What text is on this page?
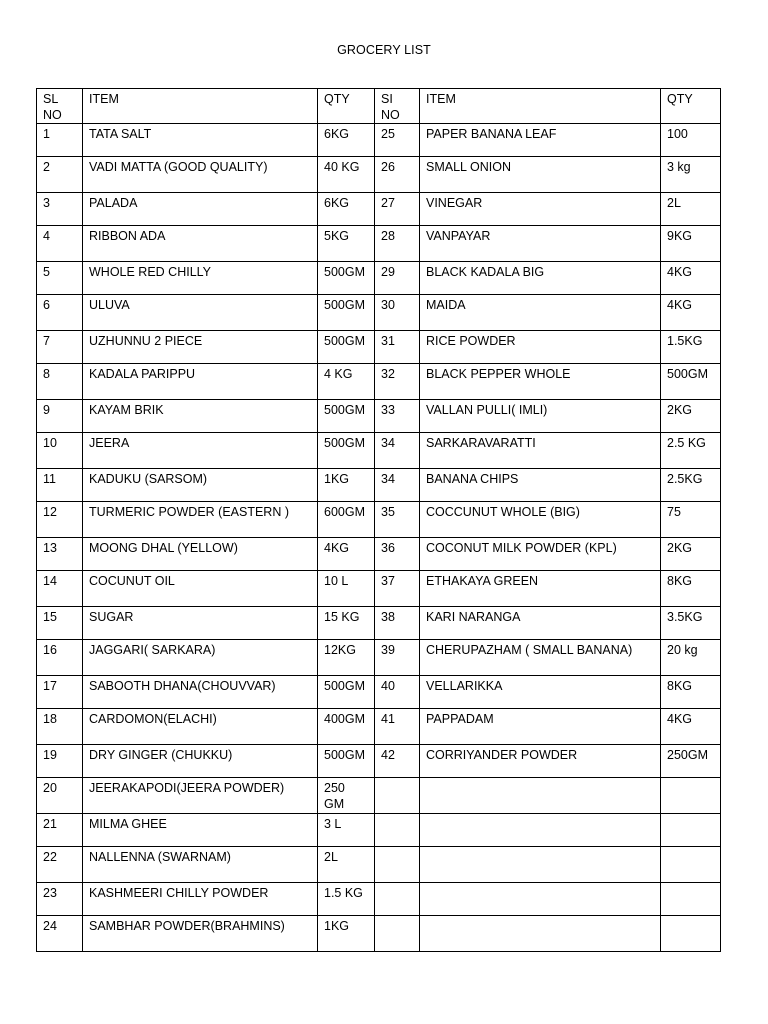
GROCERY LIST
SL NO	ITEM	QTY	SI NO	ITEM	QTY
1	TATA SALT	6KG	25	PAPER BANANA LEAF	100
2	VADI MATTA (GOOD QUALITY)	40 KG	26	SMALL ONION	3 kg
3	PALADA	6KG	27	VINEGAR	2L
4	RIBBON ADA	5KG	28	VANPAYAR	9KG
5	WHOLE RED CHILLY	500GM	29	BLACK KADALA BIG	4KG
6	ULUVA	500GM	30	MAIDA	4KG
7	UZHUNNU 2 PIECE	500GM	31	RICE POWDER	1.5KG
8	KADALA PARIPPU	4 KG	32	BLACK PEPPER WHOLE	500GM
9	KAYAM BRIK	500GM	33	VALLAN PULLI( IMLI)	2KG
10	JEERA	500GM	34	SARKARAVARATTI	2.5 KG
11	KADUKU (SARSOM)	1KG	34	BANANA CHIPS	2.5KG
12	TURMERIC POWDER (EASTERN )	600GM	35	COCCUNUT WHOLE (BIG)	75
13	MOONG DHAL (YELLOW)	4KG	36	COCONUT MILK POWDER (KPL)	2KG
14	COCUNUT OIL	10 L	37	ETHAKAYA GREEN	8KG
15	SUGAR	15 KG	38	KARI NARANGA	3.5KG
16	JAGGARI( SARKARA)	12KG	39	CHERUPAZHAM ( SMALL BANANA)	20 kg
17	SABOOTH DHANA(CHOUVVAR)	500GM	40	VELLARIKKA	8KG
18	CARDOMON(ELACHI)	400GM	41	PAPPADAM	4KG
19	DRY GINGER (CHUKKU)	500GM	42	CORRIYANDER POWDER	250GM
20	JEERAKAPODI(JEERA POWDER)	250 GM			
21	MILMA GHEE	3 L			
22	NALLENNA (SWARNAM)	2L			
23	KASHMEERI CHILLY POWDER	1.5 KG			
24	SAMBHAR POWDER(BRAHMINS)	1KG			
